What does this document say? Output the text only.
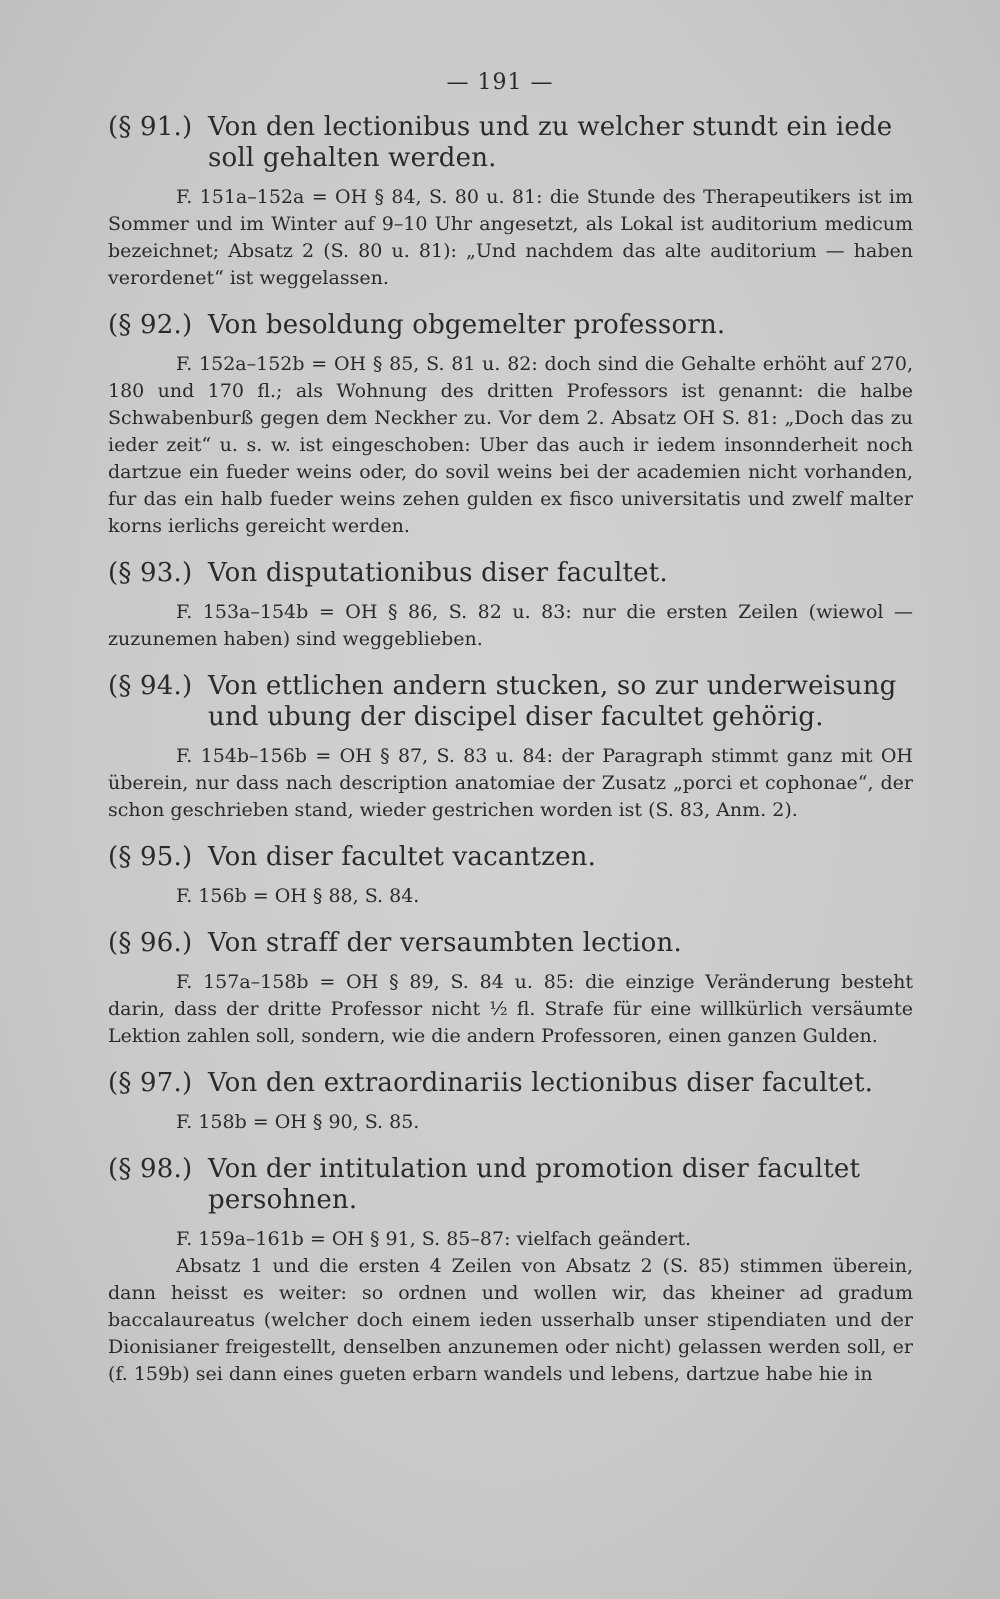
— 191 —
(§ 91.) Von den lectionibus und zu welcher stundt ein iede soll gehalten werden.

F. 151a–152a = OH § 84, S. 80 u. 81: die Stunde des Therapeutikers ist im Sommer und im Winter auf 9–10 Uhr angesetzt, als Lokal ist auditorium medicum bezeichnet; Absatz 2 (S. 80 u. 81): „Und nachdem das alte auditorium — haben verordenet“ ist weggelassen.

(§ 92.) Von besoldung obgemelter professorn.

F. 152a–152b = OH § 85, S. 81 u. 82: doch sind die Gehalte erhöht auf 270, 180 und 170 fl.; als Wohnung des dritten Professors ist genannt: die halbe Schwabenburß gegen dem Neckher zu. Vor dem 2. Absatz OH S. 81: „Doch das zu ieder zeit“ u. s. w. ist eingeschoben: Uber das auch ir iedem insonnderheit noch dartzue ein fueder weins oder, do sovil weins bei der academien nicht vorhanden, fur das ein halb fueder weins zehen gulden ex fisco universitatis und zwelf malter korns ierlichs gereicht werden.

(§ 93.) Von disputationibus diser facultet.

F. 153a–154b = OH § 86, S. 82 u. 83: nur die ersten Zeilen (wiewol — zuzunemen haben) sind weggeblieben.

(§ 94.) Von ettlichen andern stucken, so zur underweisung und ubung der discipel diser facultet gehörig.

F. 154b–156b = OH § 87, S. 83 u. 84: der Paragraph stimmt ganz mit OH überein, nur dass nach description anatomiae der Zusatz „porci et cophonae“, der schon geschrieben stand, wieder gestrichen worden ist (S. 83, Anm. 2).

(§ 95.) Von diser facultet vacantzen.

F. 156b = OH § 88, S. 84.

(§ 96.) Von straff der versaumbten lection.

F. 157a–158b = OH § 89, S. 84 u. 85: die einzige Veränderung besteht darin, dass der dritte Professor nicht ½ fl. Strafe für eine willkürlich versäumte Lektion zahlen soll, sondern, wie die andern Professoren, einen ganzen Gulden.

(§ 97.) Von den extraordinariis lectionibus diser facultet.

F. 158b = OH § 90, S. 85.

(§ 98.) Von der intitulation und promotion diser facultet persohnen.

F. 159a–161b = OH § 91, S. 85–87: vielfach geändert.

Absatz 1 und die ersten 4 Zeilen von Absatz 2 (S. 85) stimmen überein, dann heisst es weiter: so ordnen und wollen wir, das kheiner ad gradum baccalaureatus (welcher doch einem ieden usserhalb unser stipendiaten und der Dionisianer freigestellt, denselben anzunemen oder nicht) gelassen werden soll, er (f. 159b) sei dann eines gueten erbarn wandels und lebens, dartzue habe hie in
